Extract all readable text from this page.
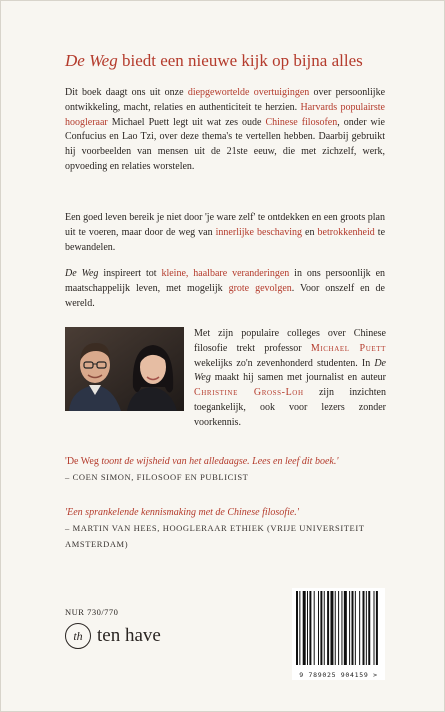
De Weg biedt een nieuwe kijk op bijna alles

Dit boek daagt ons uit onze diepgewortelde overtuigingen over persoonlijke ontwikkeling, macht, relaties en authenticiteit te herzien. Harvards populairste hoogleraar Michael Puett legt uit wat zes oude Chinese filosofen, onder wie Confucius en Lao Tzi, over deze thema's te vertellen hebben. Daarbij gebruikt hij voorbeelden van mensen uit de 21ste eeuw, die met zichzelf, werk, opvoeding en relaties worstelen.

Een goed leven bereik je niet door 'je ware zelf' te ontdekken en een groots plan uit te voeren, maar door de weg van innerlijke beschaving en betrokkenheid te bewandelen.

De Weg inspireert tot kleine, haalbare veranderingen in ons persoonlijk en maatschappelijk leven, met mogelijk grote gevolgen. Voor onszelf en de wereld.

Met zijn populaire colleges over Chinese filosofie trekt professor Michael Puett wekelijks zo'n zevenhonderd studenten. In De Weg maakt hij samen met journalist en auteur Christine Gross-Loh zijn inzichten toegankelijk, ook voor lezers zonder voorkennis.

'De Weg toont de wijsheid van het alledaagse. Lees en leef dit boek.'
– COEN SIMON, FILOSOOF EN PUBLICIST

'Een sprankelende kennismaking met de Chinese filosofie.'
– MARTIN VAN HEES, HOOGLERAAR ETHIEK (VRIJE UNIVERSITEIT AMSTERDAM)

NUR 730/770
th ten have
9 789025 904159 >
